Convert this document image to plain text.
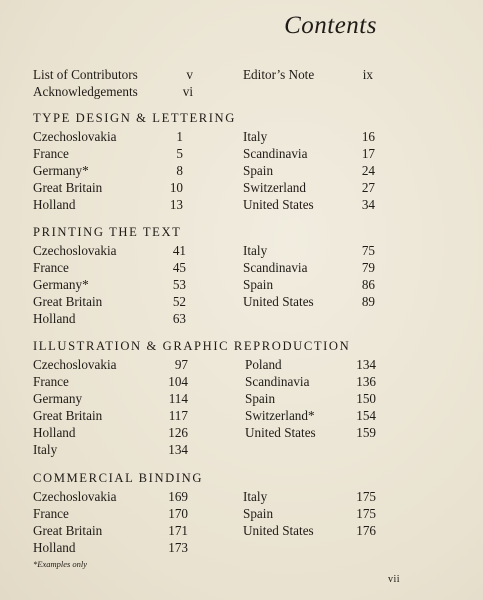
Contents
List of Contributors	v	Editor’s Note	ix
Acknowledgements	vi
TYPE DESIGN & LETTERING
Czechoslovakia	1	Italy	16
France	5	Scandinavia	17
Germany*	8	Spain	24
Great Britain	10	Switzerland	27
Holland	13	United States	34
PRINTING THE TEXT
Czechoslovakia	41	Italy	75
France	45	Scandinavia	79
Germany*	53	Spain	86
Great Britain	52	United States	89
Holland	63
ILLUSTRATION & GRAPHIC REPRODUCTION
Czechoslovakia	97	Poland	134
France	104	Scandinavia	136
Germany	114	Spain	150
Great Britain	117	Switzerland*	154
Holland	126	United States	159
Italy	134
COMMERCIAL BINDING
Czechoslovakia	169	Italy	175
France	170	Spain	175
Great Britain	171	United States	176
Holland	173
*Examples only
vii
